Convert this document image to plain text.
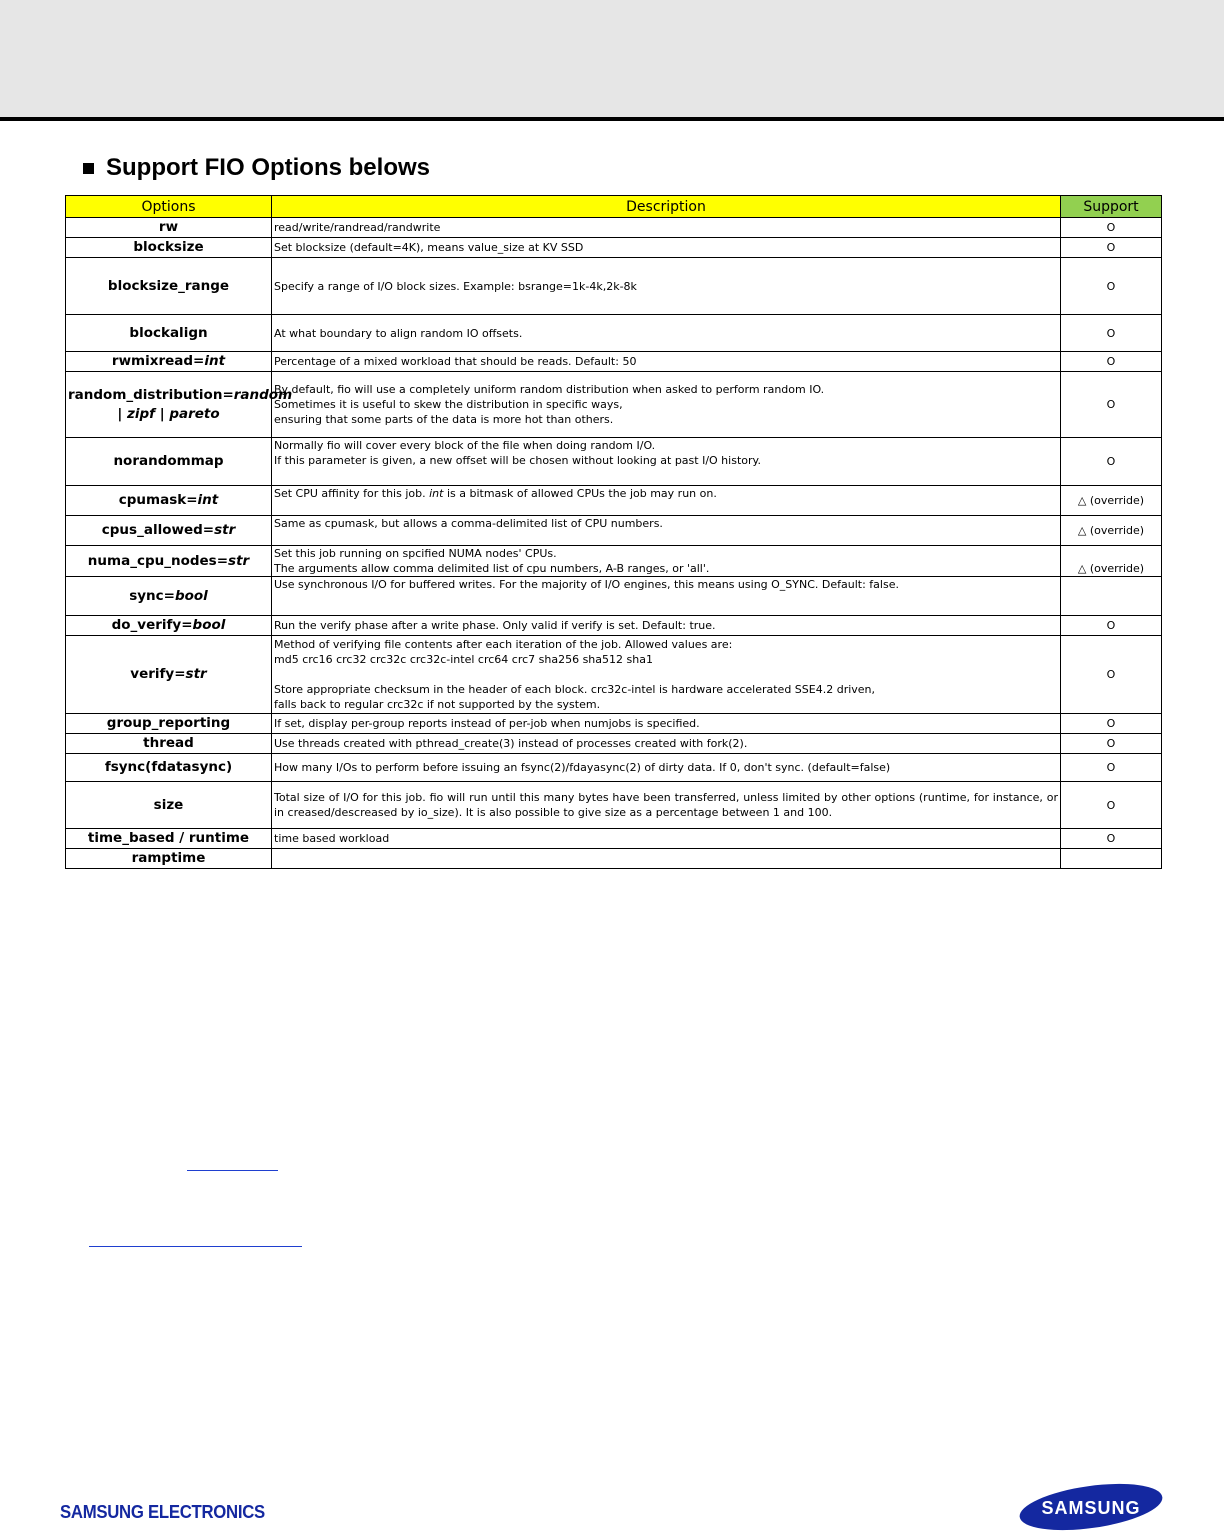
Support FIO Options belows
Options	Description	Support
rw	read/write/randread/randwrite	O
blocksize	Set blocksize (default=4K), means value_size at KV SSD	O
blocksize_range	Specify a range of I/O block sizes. Example: bsrange=1k-4k,2k-8k	O
blockalign	At what boundary to align random IO offsets.	O
rwmixread=int	Percentage of a mixed workload that should be reads. Default: 50	O
random_distribution=random | zipf | pareto	By default, fio will use a completely uniform random distribution when asked to perform random IO.
Sometimes it is useful to skew the distribution in specific ways,
ensuring that some parts of the data is more hot than others.	O
norandommap	Normally fio will cover every block of the file when doing random I/O.
If this parameter is given, a new offset will be chosen without looking at past I/O history.	O
cpumask=int	Set CPU affinity for this job. int is a bitmask of allowed CPUs the job may run on.	△ (override)
cpus_allowed=str	Same as cpumask, but allows a comma-delimited list of CPU numbers.	△ (override)
numa_cpu_nodes=str	Set this job running on spcified NUMA nodes' CPUs.
The arguments allow comma delimited list of cpu numbers, A-B ranges, or 'all'.	△ (override)
sync=bool	Use synchronous I/O for buffered writes. For the majority of I/O engines, this means using O_SYNC. Default: false.	
do_verify=bool	Run the verify phase after a write phase. Only valid if verify is set. Default: true.	O
verify=str	Method of verifying file contents after each iteration of the job. Allowed values are:
md5 crc16 crc32 crc32c crc32c-intel crc64 crc7 sha256 sha512 sha1

Store appropriate checksum in the header of each block. crc32c-intel is hardware accelerated SSE4.2 driven,
falls back to regular crc32c if not supported by the system.	O
group_reporting	If set, display per-group reports instead of per-job when numjobs is specified.	O
thread	Use threads created with pthread_create(3) instead of processes created with fork(2).	O
fsync(fdatasync)	How many I/Os to perform before issuing an fsync(2)/fdayasync(2) of dirty data. If 0, don't sync. (default=false)	O
size	Total size of I/O for this job. fio will run until this many bytes have been transferred, unless limited by other options (runtime, for instance, or in creased/descreased by io_size). It is also possible to give size as a percentage between 1 and 100.	O
time_based / runtime	time based workload	O
ramptime		
SAMSUNG ELECTRONICS	SAMSUNG
